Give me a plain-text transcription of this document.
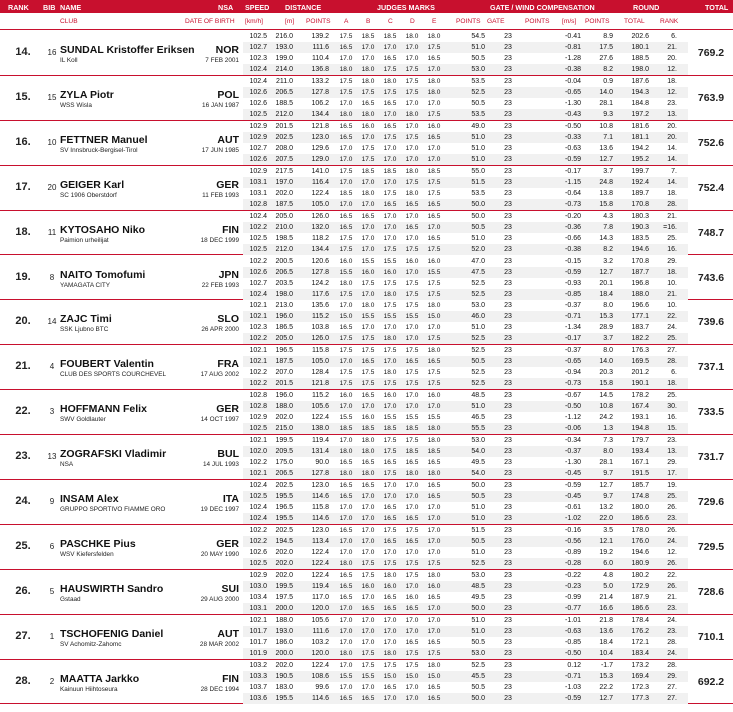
RANK BIB NAME	NSA SPEED DISTANCE	JUDGES MARKS	GATE / WIND COMPENSATION	ROUND	TOTAL
CLUB	DATE OF BIRTH [km/h]	[m] POINTS A	B	C	D	E	POINTS GATE	POINTS [m/s] POINTS TOTAL RANK
14.	16 SUNDAL Kristoffer Eriksen NOR
IL Koll	7 FEB 2001
769.2
102.5	216.0	139.2	17.5	18.5	18.5	18.0	18.0	54.5	23	-0.41	8.9	202.6	6.
102.7	193.0	111.6	16.5	17.0	17.0	17.0	17.5	51.0	23	-0.81	17.5	180.1	21.
102.3	199.0	110.4	17.0	17.0	16.5	17.0	16.5	50.5	23	-1.28	27.6	188.5	20.
102.4	214.0	136.8	18.0	18.0	17.5	17.5	17.0	53.0	23	-0.38	8.2	198.0	12.
15.	15 ZYLA Piotr	POL
WSS Wisla	16 JAN 1987
763.9
102.4	211.0	133.2	17.5	18.0	18.0	17.5	18.0	53.5	23	-0.04	0.9	187.6	18.
102.6	206.5	127.8	17.5	17.5	17.5	17.5	18.0	52.5	23	-0.65	14.0	194.3	12.
102.6	188.5	106.2	17.0	16.5	16.5	17.0	17.0	50.5	23	-1.30	28.1	184.8	23.
102.5	212.0	134.4	18.0	18.0	17.0	18.0	17.5	53.5	23	-0.43	9.3	197.2	13.
16.	10 FETTNER Manuel	AUT
SV Innsbruck-Bergisel-Tirol	17 JUN 1985
752.6
102.9	201.5	121.8	16.5	16.0	16.5	17.0	16.0	49.0	23	-0.50	10.8	181.6	20.
102.9	202.5	123.0	16.5	17.0	17.5	17.5	16.5	51.0	23	-0.33	7.1	181.1	20.
102.7	208.0	129.6	17.0	17.5	17.0	17.0	17.0	51.0	23	-0.63	13.6	194.2	14.
102.6	207.5	129.0	17.0	17.5	17.0	17.0	17.0	51.0	23	-0.59	12.7	195.2	14.
17.	20 GEIGER Karl	GER
SC 1906 Oberstdorf	11 FEB 1993
752.4
102.9	217.5	141.0	17.5	18.5	18.5	18.0	18.5	55.0	23	-0.17	3.7	199.7	7.
103.1	197.0	116.4	17.0	17.0	17.0	17.5	17.5	51.5	23	-1.15	24.8	192.4	14.
103.1	202.0	122.4	18.5	18.0	17.5	18.0	17.5	53.5	23	-0.64	13.8	189.7	18.
102.8	187.5	105.0	17.0	17.0	16.5	16.5	16.5	50.0	23	-0.73	15.8	170.8	28.
18.	11 KYTOSAHO Niko	FIN
Paimion urheilijat	18 DEC 1999
748.7
102.4	205.0	126.0	16.5	16.5	17.0	17.0	16.5	50.0	23	-0.20	4.3	180.3	21.
102.2	210.0	132.0	16.5	17.0	17.0	16.5	17.0	50.5	23	-0.36	7.8	190.3	=16.
102.5	198.5	118.2	17.5	17.0	17.0	17.0	16.5	51.0	23	-0.66	14.3	183.5	25.
102.5	212.0	134.4	17.5	17.0	17.5	17.5	17.5	52.0	23	-0.38	8.2	194.6	16.
19.	8 NAITO Tomofumi	JPN
YAMAGATA CITY	22 FEB 1993
743.6
102.2	200.5	120.6	16.0	15.5	15.5	16.0	16.0	47.0	23	-0.15	3.2	170.8	29.
102.6	206.5	127.8	15.5	16.0	16.0	17.0	15.5	47.5	23	-0.59	12.7	187.7	18.
102.7	203.5	124.2	18.0	17.5	17.5	17.5	17.5	52.5	23	-0.93	20.1	196.8	10.
102.4	198.0	117.6	17.5	17.0	18.0	17.5	17.5	52.5	23	-0.85	18.4	188.0	21.
20.	14 ZAJC Timi	SLO
SSK Ljubno BTC	26 APR 2000
739.6
102.1	213.0	135.6	17.0	18.0	17.5	17.5	18.0	53.0	23	-0.37	8.0	196.6	10.
102.1	196.0	115.2	15.0	15.5	15.5	15.5	15.0	46.0	23	-0.71	15.3	177.1	22.
102.3	186.5	103.8	16.5	17.0	17.0	17.0	17.0	51.0	23	-1.34	28.9	183.7	24.
102.2	205.0	126.0	17.5	17.5	18.0	17.0	17.5	52.5	23	-0.17	3.7	182.2	25.
21.	4 FOUBERT Valentin	FRA
CLUB DES SPORTS COURCHEVEL	17 AUG 2002
737.1
102.1	196.5	115.8	17.5	17.5	17.5	17.5	18.0	52.5	23	-0.37	8.0	176.3	27.
102.1	187.5	105.0	17.0	16.5	17.0	16.5	16.5	50.5	23	-0.65	14.0	169.5	28.
102.2	207.0	128.4	17.5	17.5	18.0	17.5	17.5	52.5	23	-0.94	20.3	201.2	6.
102.2	201.5	121.8	17.5	17.5	17.5	17.5	17.5	52.5	23	-0.73	15.8	190.1	18.
22.	3 HOFFMANN Felix	GER
SWV Goldlauter	14 OCT 1997
733.5
102.8	196.0	115.2	16.0	16.5	16.0	17.0	16.0	48.5	23	-0.67	14.5	178.2	25.
102.8	188.0	105.6	17.0	17.0	17.0	17.0	17.0	51.0	23	-0.50	10.8	167.4	30.
102.9	202.0	122.4	15.5	16.0	15.5	15.5	15.5	46.5	23	-1.12	24.2	193.1	16.
102.5	215.0	138.0	18.5	18.5	18.5	18.5	18.0	55.5	23	-0.06	1.3	194.8	15.
23.	13 ZOGRAFSKI Vladimir	BUL
NSA	14 JUL 1993
731.7
102.1	199.5	119.4	17.0	18.0	17.5	17.5	18.0	53.0	23	-0.34	7.3	179.7	23.
102.0	209.5	131.4	18.0	18.0	17.5	18.5	18.5	54.0	23	-0.37	8.0	193.4	13.
102.2	175.0	90.0	16.5	16.5	16.5	16.5	16.5	49.5	23	-1.30	28.1	167.1	29.
102.1	206.5	127.8	18.0	18.0	17.5	18.0	18.0	54.0	23	-0.45	9.7	191.5	17.
24.	9 INSAM Alex	ITA
GRUPPO SPORTIVO FIAMME ORO	19 DEC 1997
729.6
102.4	202.5	123.0	16.5	16.5	17.0	17.0	16.5	50.0	23	-0.59	12.7	185.7	19.
102.5	195.5	114.6	16.5	17.0	17.0	17.0	16.5	50.5	23	-0.45	9.7	174.8	25.
102.4	196.5	115.8	17.0	17.0	16.5	17.0	17.0	51.0	23	-0.61	13.2	180.0	26.
102.4	195.5	114.6	17.0	17.0	16.5	16.5	17.0	51.0	23	-1.02	22.0	186.6	23.
25.	6 PASCHKE Pius	GER
WSV Kiefersfelden	20 MAY 1990
729.5
102.2	202.5	123.0	16.5	17.0	17.5	17.5	17.0	51.5	23	-0.16	3.5	178.0	26.
102.2	194.5	113.4	17.0	17.0	16.5	16.5	17.0	50.5	23	-0.56	12.1	176.0	24.
102.6	202.0	122.4	17.0	17.0	17.0	17.0	17.0	51.0	23	-0.89	19.2	194.6	12.
102.5	202.0	122.4	18.0	17.5	17.5	17.5	17.5	52.5	23	-0.28	6.0	180.9	26.
26.	5 HAUSWIRTH Sandro	SUI
Gstaad	29 AUG 2000
728.6
102.9	202.0	122.4	16.5	17.5	18.0	17.5	18.0	53.0	23	-0.22	4.8	180.2	22.
103.0	199.5	119.4	16.5	16.0	16.0	17.0	16.0	48.5	23	-0.23	5.0	172.9	26.
103.4	197.5	117.0	16.5	17.0	16.5	16.0	16.5	49.5	23	-0.99	21.4	187.9	21.
103.1	200.0	120.0	17.0	16.5	16.5	16.5	17.0	50.0	23	-0.77	16.6	186.6	23.
27.	1 TSCHOFENIG Daniel	AUT
SV Achomitz-Zahomc	28 MAR 2002
710.1
102.1	188.0	105.6	17.0	17.0	17.0	17.0	17.0	51.0	23	-1.01	21.8	178.4	24.
101.7	193.0	111.6	17.0	17.0	17.0	17.0	17.0	51.0	23	-0.63	13.6	176.2	23.
101.7	186.0	103.2	17.0	17.0	17.0	16.5	16.5	50.5	23	-0.85	18.4	172.1	28.
101.9	200.0	120.0	18.0	17.5	18.0	17.5	17.5	53.0	23	-0.50	10.4	183.4	24.
28.	2 MAATTA Jarkko	FIN
Kainuun Hiihtoseura	28 DEC 1994
692.2
103.2	202.0	122.4	17.0	17.5	17.5	17.5	18.0	52.5	23	0.12	-1.7	173.2	28.
103.3	190.5	108.6	15.5	15.5	15.0	15.0	15.0	45.5	23	-0.71	15.3	169.4	29.
103.7	183.0	99.6	17.0	17.0	16.5	17.0	16.5	50.5	23	-1.03	22.2	172.3	27.
103.6	195.5	114.6	16.5	16.5	17.0	17.0	16.5	50.0	23	-0.59	12.7	177.3	27.
